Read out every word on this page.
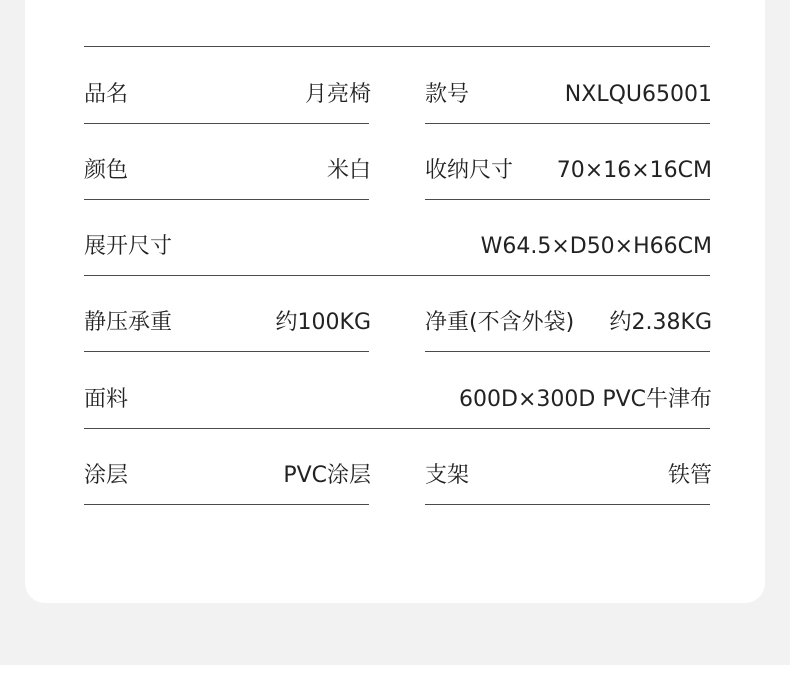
品名	月亮椅 款号	NXLQU65001
颜色	米白 收纳尺寸 70×16×16CM
展开尺寸	W64.5×D50×H66CM
静压承重	约100KG 净重(不含外袋) 约2.38KG
面料	600D×300D PVC牛津布
涂层	PVC涂层 支架	铁管
